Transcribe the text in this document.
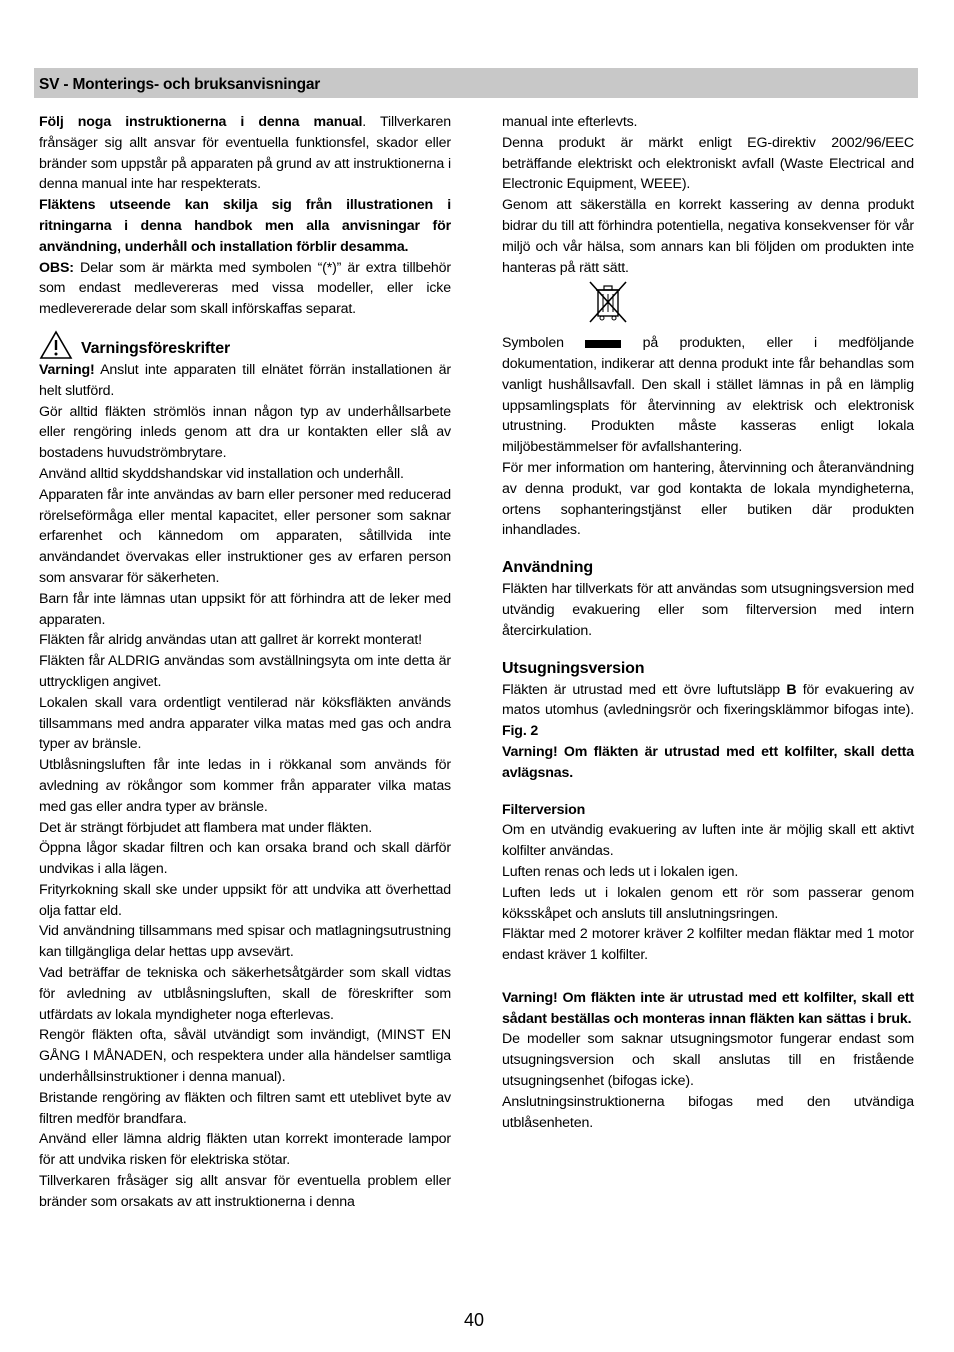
SV - Monterings- och bruksanvisningar

Följ noga instruktionerna i denna manual. Tillverkaren frånsäger sig allt ansvar för eventuella funktionsfel, skador eller bränder som uppstår på apparaten på grund av att instruktionerna i denna manual inte har respekterats.

Fläktens utseende kan skilja sig från illustrationen i ritningarna i denna handbok men alla anvisningar för användning, underhåll och installation förblir desamma.

OBS: Delar som är märkta med symbolen “(*)” är extra tillbehör som endast medlevereras med vissa modeller, eller icke medlevererade delar som skall införskaffas separat.

Varningsföreskrifter

Varning! Anslut inte apparaten till elnätet förrän installationen är helt slutförd.

Gör alltid fläkten strömlös innan någon typ av underhållsarbete eller rengöring inleds genom att dra ur kontakten eller slå av bostadens huvudströmbrytare.

Använd alltid skyddshandskar vid installation och underhåll.

Apparaten får inte användas av barn eller personer med reducerad rörelseförmåga eller mental kapacitet, eller personer som saknar erfarenhet och kännedom om apparaten, såtillvida inte användandet övervakas eller instruktioner ges av erfaren person som ansvarar för säkerheten.

Barn får inte lämnas utan uppsikt för att förhindra att de leker med apparaten.

Fläkten får alridg användas utan att gallret är korrekt monterat!

Fläkten får ALDRIG användas som avställningsyta om inte detta är uttryckligen angivet.

Lokalen skall vara ordentligt ventilerad när köksfläkten används tillsammans med andra apparater vilka matas med gas och andra typer av bränsle.

Utblåsningsluften får inte ledas in i rökkanal som används för avledning av rökångor som kommer från apparater vilka matas med gas eller andra typer av bränsle.

Det är strängt förbjudet att flambera mat under fläkten.

Öppna lågor skadar filtren och kan orsaka brand och skall därför undvikas i alla lägen.

Frityrkokning skall ske under uppsikt för att undvika att överhettad olja fattar eld.

Vid användning tillsammans med spisar och matlagningsutrustning kan tillgängliga delar hettas upp avsevärt.

Vad beträffar de tekniska och säkerhetsåtgärder som skall vidtas för avledning av utblåsningsluften, skall de föreskrifter som utfärdats av lokala myndigheter noga efterlevas.

Rengör fläkten ofta, såväl utvändigt som invändigt, (MINST EN GÅNG I MÅNADEN, och respektera under alla händelser samtliga underhållsinstruktioner i denna manual).

Bristande rengöring av fläkten och filtren samt ett uteblivet byte av filtren medför brandfara.

Använd eller lämna aldrig fläkten utan korrekt imonterade lampor för att undvika risken för elektriska stötar.

Tillverkaren fråsäger sig allt ansvar för eventuella problem eller bränder som orsakats av att instruktionerna i denna

manual inte efterlevts.

Denna produkt är märkt enligt EG-direktiv 2002/96/EEC beträffande elektriskt och elektroniskt avfall (Waste Electrical and Electronic Equipment, WEEE).

Genom att säkerställa en korrekt kassering av denna produkt bidrar du till att förhindra potentiella, negativa konsekvenser för vår miljö och vår hälsa, som annars kan bli följden om produkten inte hanteras på rätt sätt.

Symbolen	på produkten, eller i medföljande

dokumentation, indikerar att denna produkt inte får behandlas som vanligt hushållsavfall. Den skall i stället lämnas in på en lämplig uppsamlingsplats för återvinning av elektrisk och elektronisk utrustning. Produkten måste kasseras enligt lokala miljöbestämmelser för avfallshantering.

För mer information om hantering, återvinning och återanvändning av denna produkt, var god kontakta de lokala myndigheterna, ortens sophanteringstjänst eller butiken där produkten inhandlades.

Användning

Fläkten har tillverkats för att användas som utsugningsversion med utvändig evakuering eller som filterversion med intern återcirkulation.

Utsugningsversion

Fläkten är utrustad med ett övre luftutsläpp B för evakuering av matos utomhus (avledningsrör och fixeringsklämmor bifogas inte). Fig. 2

Varning! Om fläkten är utrustad med ett kolfilter, skall detta avlägsnas.

Filterversion

Om en utvändig evakuering av luften inte är möjlig skall ett aktivt kolfilter användas.

Luften renas och leds ut i lokalen igen.

Luften leds ut i lokalen genom ett rör som passerar genom köksskåpet och ansluts till anslutningsringen.

Fläktar med 2 motorer kräver 2 kolfilter medan fläktar med 1 motor endast kräver 1 kolfilter.

Varning! Om fläkten inte är utrustad med ett kolfilter, skall ett sådant beställas och monteras innan fläkten kan sättas i bruk.

De modeller som saknar utsugningsmotor fungerar endast som utsugningsversion och skall anslutas till en fristående utsugningsenhet (bifogas icke).

Anslutningsinstruktionerna bifogas med den utvändiga utblåsenheten.

40
